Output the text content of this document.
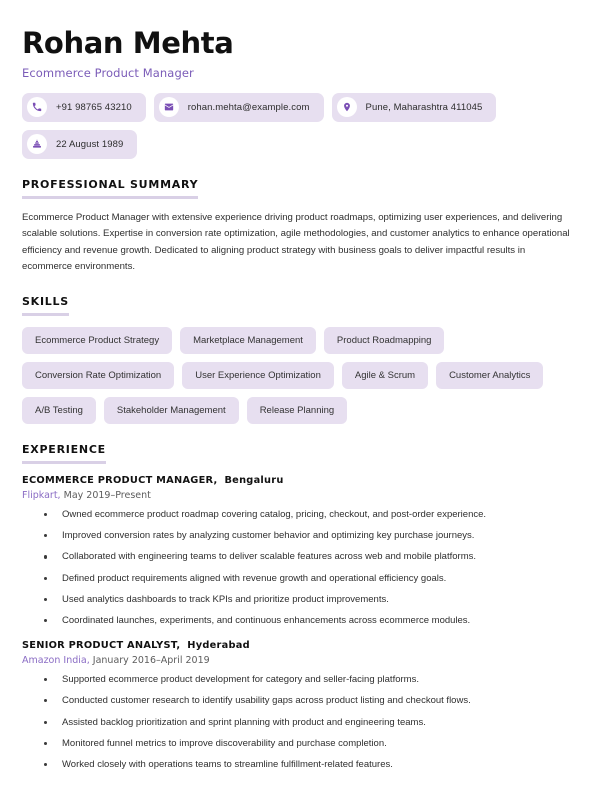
Rohan Mehta
Ecommerce Product Manager
+91 98765 43210	rohan.mehta@example.com	Pune, Maharashtra 411045
22 August 1989
PROFESSIONAL SUMMARY

Ecommerce Product Manager with extensive experience driving product roadmaps, optimizing user experiences, and delivering scalable solutions. Expertise in conversion rate optimization, agile methodologies, and customer analytics to enhance operational efficiency and revenue growth. Dedicated to aligning product strategy with business goals to deliver impactful results in ecommerce environments.

SKILLS
Ecommerce Product Strategy	Marketplace Management	Product Roadmapping
Conversion Rate Optimization	User Experience Optimization	Agile & Scrum	Customer Analytics
A/B Testing	Stakeholder Management	Release Planning
EXPERIENCE
ECOMMERCE PRODUCT MANAGER, Bengaluru
Flipkart, May 2019–Present
Owned ecommerce product roadmap covering catalog, pricing, checkout, and post-order experience.
Improved conversion rates by analyzing customer behavior and optimizing key purchase journeys.
Collaborated with engineering teams to deliver scalable features across web and mobile platforms.
Defined product requirements aligned with revenue growth and operational efficiency goals.
Used analytics dashboards to track KPIs and prioritize product improvements.
Coordinated launches, experiments, and continuous enhancements across ecommerce modules.
SENIOR PRODUCT ANALYST, Hyderabad
Amazon India, January 2016–April 2019
Supported ecommerce product development for category and seller-facing platforms.
Conducted customer research to identify usability gaps across product listing and checkout flows.
Assisted backlog prioritization and sprint planning with product and engineering teams.
Monitored funnel metrics to improve discoverability and purchase completion.
Worked closely with operations teams to streamline fulfillment-related features.
